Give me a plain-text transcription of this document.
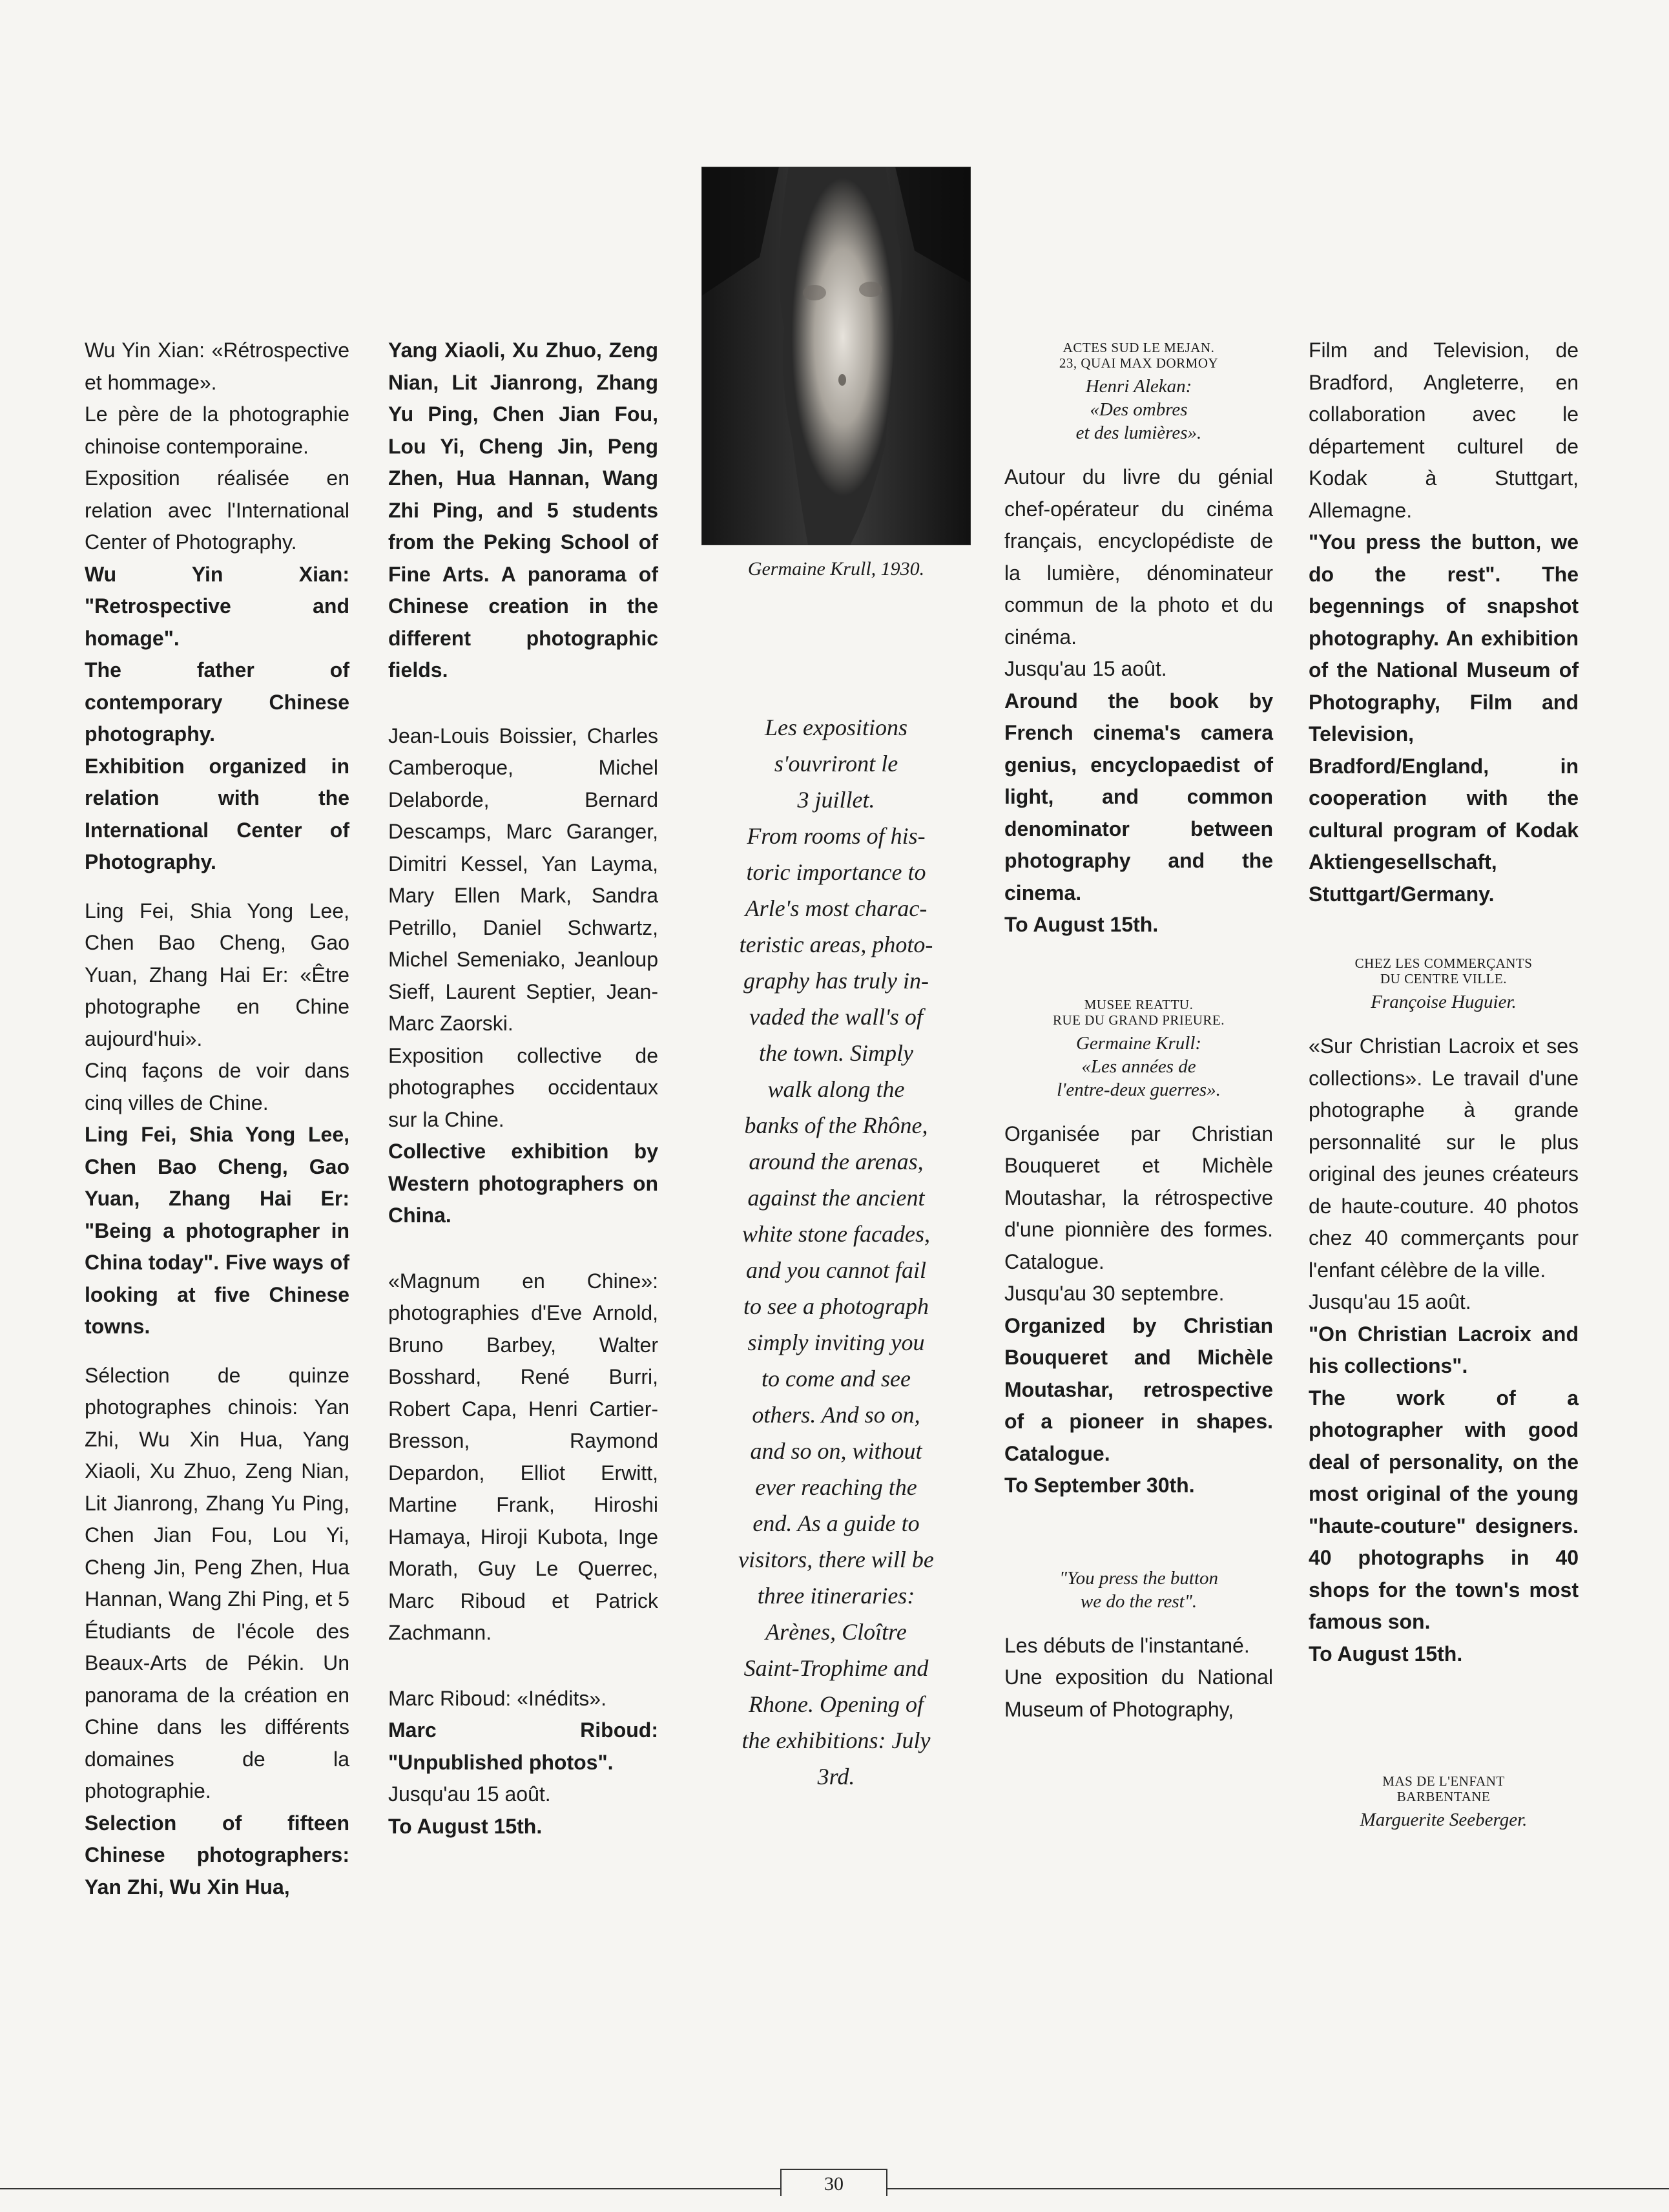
Wu Yin Xian: «Rétrospective et hommage».

Le père de la photographie chinoise contemporaine.

Exposition réalisée en relation avec l'International Center of Photography.

Wu Yin Xian: "Retrospective and homage".

The father of contemporary Chinese photography.

Exhibition organized in relation with the International Center of Photography.

Ling Fei, Shia Yong Lee, Chen Bao Cheng, Gao Yuan, Zhang Hai Er: «Être photographe en Chine aujourd'hui».

Cinq façons de voir dans cinq villes de Chine.

Ling Fei, Shia Yong Lee, Chen Bao Cheng, Gao Yuan, Zhang Hai Er: "Being a photographer in China today". Five ways of looking at five Chinese towns.

Sélection de quinze photographes chinois: Yan Zhi, Wu Xin Hua, Yang Xiaoli, Xu Zhuo, Zeng Nian, Lit Jianrong, Zhang Yu Ping, Chen Jian Fou, Lou Yi, Cheng Jin, Peng Zhen, Hua Hannan, Wang Zhi Ping, et 5 Étudiants de l'école des Beaux-Arts de Pékin. Un panorama de la création en Chine dans les différents domaines de la photographie.

Selection of fifteen Chinese photographers: Yan Zhi, Wu Xin Hua,

Yang Xiaoli, Xu Zhuo, Zeng Nian, Lit Jianrong, Zhang Yu Ping, Chen Jian Fou, Lou Yi, Cheng Jin, Peng Zhen, Hua Hannan, Wang Zhi Ping, and 5 students from the Peking School of Fine Arts. A panorama of Chinese creation in the different photographic fields.

Jean-Louis Boissier, Charles Camberoque, Michel Delaborde, Bernard Descamps, Marc Garanger, Dimitri Kessel, Yan Layma, Mary Ellen Mark, Sandra Petrillo, Daniel Schwartz, Michel Semeniako, Jeanloup Sieff, Laurent Septier, Jean-Marc Zaorski.

Exposition collective de photographes occidentaux sur la Chine.

Collective exhibition by Western photographers on China.

«Magnum en Chine»: photographies d'Eve Arnold, Bruno Barbey, Walter Bosshard, René Burri, Robert Capa, Henri Cartier-Bresson, Raymond Depardon, Elliot Erwitt, Martine Frank, Hiroshi Hamaya, Hiroji Kubota, Inge Morath, Guy Le Querrec, Marc Riboud et Patrick Zachmann.

Marc Riboud: «Inédits».

Marc Riboud: "Unpublished photos".

Jusqu'au 15 août.

To August 15th.

Germaine Krull, 1930.

Les expositions

s'ouvriront le

3 juillet.

From rooms of his-

toric importance to

Arle's most charac-

teristic areas, photo-

graphy has truly in-

vaded the wall's of

the town. Simply

walk along the

banks of the Rhône,

around the arenas,

against the ancient

white stone facades,

and you cannot fail

to see a photograph

simply inviting you

to come and see

others. And so on,

and so on, without

ever reaching the

end. As a guide to

visitors, there will be

three itineraries:

Arènes, Cloître

Saint-Trophime and

Rhone. Opening of

the exhibitions: July

3rd.

ACTES SUD LE MEJAN.
23, QUAI MAX DORMOY
Henri Alekan:
«Des ombres
et des lumières».

Autour du livre du génial chef-opérateur du cinéma français, encyclopédiste de la lumière, dénominateur commun de la photo et du cinéma.

Jusqu'au 15 août.

Around the book by French cinema's camera genius, encyclopaedist of light, and common denominator between photography and the cinema.

To August 15th.

MUSEE REATTU.
RUE DU GRAND PRIEURE.
Germaine Krull:
«Les années de
l'entre-deux guerres».

Organisée par Christian Bouqueret et Michèle Moutashar, la rétrospective d'une pionnière des formes. Catalogue.

Jusqu'au 30 septembre.

Organized by Christian Bouqueret and Michèle Moutashar, retrospective of a pioneer in shapes. Catalogue.

To September 30th.

"You press the button
we do the rest".

Les débuts de l'instantané.

Une exposition du National Museum of Photography,

Film and Television, de Bradford, Angleterre, en collaboration avec le département culturel de Kodak à Stuttgart, Allemagne.

"You press the button, we do the rest". The begennings of snapshot photography. An exhibition of the National Museum of Photography, Film and Television, Bradford/England, in cooperation with the cultural program of Kodak Aktiengesellschaft, Stuttgart/Germany.

CHEZ LES COMMERÇANTS
DU CENTRE VILLE.
Françoise Huguier.

«Sur Christian Lacroix et ses collections». Le travail d'une photographe à grande personnalité sur le plus original des jeunes créateurs de haute-couture. 40 photos chez 40 commerçants pour l'enfant célèbre de la ville.

Jusqu'au 15 août.

"On Christian Lacroix and his collections".

The work of a photographer with good deal of personality, on the most original of the young "haute-couture" designers. 40 photographs in 40 shops for the town's most famous son.

To August 15th.

MAS DE L'ENFANT
BARBENTANE
Marguerite Seeberger.
30
